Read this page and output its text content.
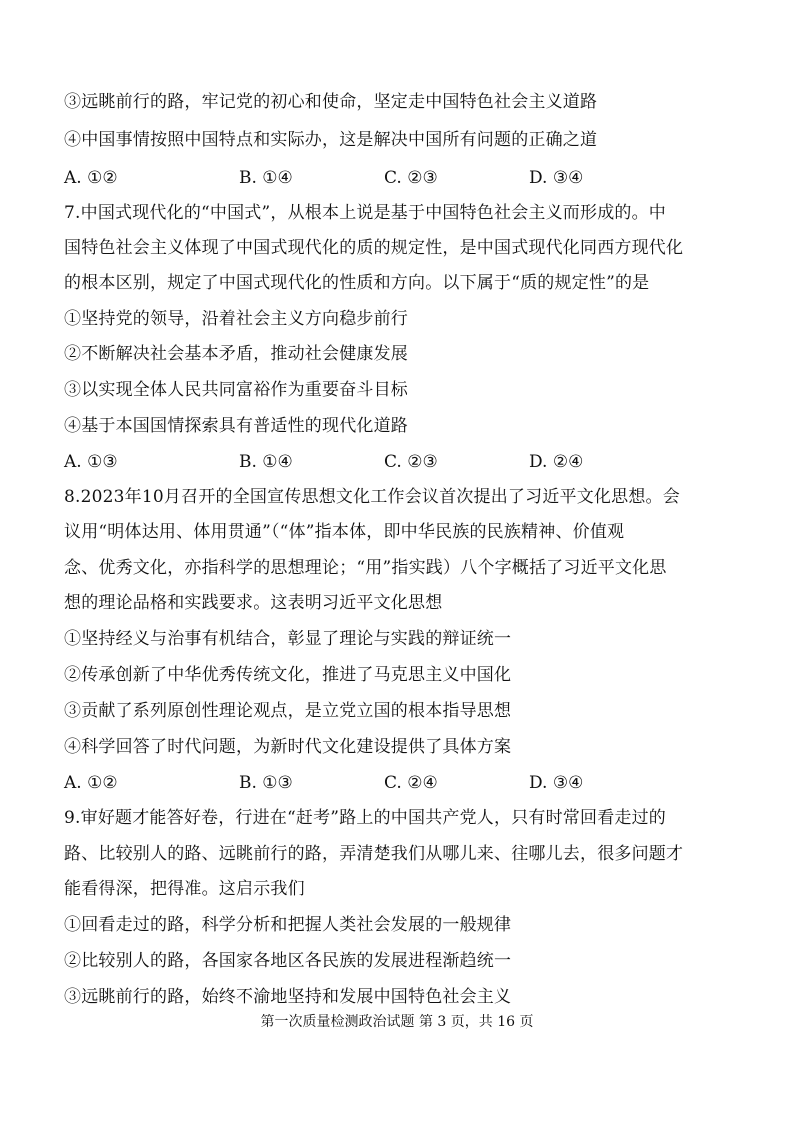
③远眺前行的路，牢记党的初心和使命，坚定走中国特色社会主义道路
④中国事情按照中国特点和实际办，这是解决中国所有问题的正确之道
A. ①②	B. ①④	C. ②③	D. ③④
7.中国式现代化的“中国式”，从根本上说是基于中国特色社会主义而形成的。中
国特色社会主义体现了中国式现代化的质的规定性，是中国式现代化同西方现代化
的根本区别，规定了中国式现代化的性质和方向。以下属于“质的规定性”的是
①坚持党的领导，沿着社会主义方向稳步前行
②不断解决社会基本矛盾，推动社会健康发展
③以实现全体人民共同富裕作为重要奋斗目标
④基于本国国情探索具有普适性的现代化道路
A. ①③	B. ①④	C. ②③	D. ②④
8.2023年10月召开的全国宣传思想文化工作会议首次提出了习近平文化思想。会
议用“明体达用、体用贯通”（“体”指本体，即中华民族的民族精神、价值观
念、优秀文化，亦指科学的思想理论；“用”指实践）八个字概括了习近平文化思
想的理论品格和实践要求。这表明习近平文化思想
①坚持经义与治事有机结合，彰显了理论与实践的辩证统一
②传承创新了中华优秀传统文化，推进了马克思主义中国化
③贡献了系列原创性理论观点，是立党立国的根本指导思想
④科学回答了时代问题，为新时代文化建设提供了具体方案
A. ①②	B. ①③	C. ②④	D. ③④
9.审好题才能答好卷，行进在“赶考”路上的中国共产党人，只有时常回看走过的
路、比较别人的路、远眺前行的路，弄清楚我们从哪儿来、往哪儿去，很多问题才
能看得深，把得准。这启示我们
①回看走过的路，科学分析和把握人类社会发展的一般规律
②比较别人的路，各国家各地区各民族的发展进程渐趋统一
③远眺前行的路，始终不渝地坚持和发展中国特色社会主义
第一次质量检测政治试题 第 3 页，共 16 页
